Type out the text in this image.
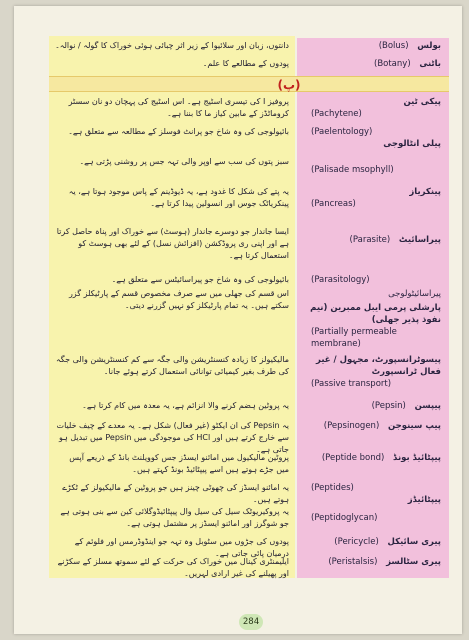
(پ)
بولس (Bolus)
دانتوں، زبان اور سلائیوا کے زیر اثر چبائی ہوئی خوراک کا گولہ / نوالہ۔
باٹنی (Botany)
پودوں کے مطالعے کا علم۔
پیکی ٹین
(Pachytene)
پروفیز I کی تیسری اسٹیج ہے۔ اس اسٹیج کی پہچان دو نان سسٹر کروماٹڈز کے مابین کیاز ما کا بننا ہے۔
(Paelentology)
پیلی انٹالوجی
بائیولوجی کی وہ شاخ جو پرانٹ فوسلز کے مطالعہ سے متعلق ہے۔
(Palisade msophyll)
سبز پتوں کی سب سے اوپر والی تہہ جس پر روشنی پڑتی ہے۔
پینکریاز
(Pancreas)
یہ پتے کی شکل کا غدود ہے، یہ ڈیوڈینم کے پاس موجود ہوتا ہے، یہ پینکریاٹک جوس اور انسولین پیدا کرتا ہے۔
پیراسائیٹ (Parasite)
ایسا جاندار جو دوسرے جاندار (ہوسٹ) سے خوراک اور پناہ حاصل کرتا ہے اور اپنی ری پروڈکشن (افزائش نسل) کے لئے بھی ہوسٹ کو استعمال کرتا ہے۔
(Parasitology)
بائیولوجی کی وہ شاخ جو پیراسائیٹس سے متعلق ہے۔
پیراسائیٹولوجی
پارشلی پرمی ایبل ممبرین (نیم نفوذ پذیر جھلی)
(Partially permeable membrane)
اس قسم کی جھلی میں سے صرف مخصوص قسم کے پارٹیکلز گزر سکتے ہیں۔ یہ تمام پارٹیکلز کو نہیں گزرنے دیتی۔
پیسوٹرانسپورٹ، مجہول / غیر فعال ٹرانسپورٹ
(Passive transport)
مالیکیولز کا زیادہ کنسنٹریشن والی جگہ سے کم کنسنٹریشن والی جگہ کی طرف بغیر کیمیائی توانائی استعمال کرتے ہوئے جانا۔
پیپسن (Pepsin)
یہ پروٹین ہضم کرنے والا انزائم ہے، یہ معدہ میں کام کرتا ہے۔
پیپ سینوجن (Pepsinogen)
یہ Pepsin کی ان ایکٹو (غیر فعال) شکل ہے۔ یہ معدے کے چیف خلیات سے خارج کرتے ہیں اور HCl کی موجودگی میں Pepsin میں تبدیل ہو جاتی ہے۔
پیپٹائیڈ بونڈ (Peptide bond)
پروٹین مالیکیول میں امائنو ایسڈز جس کوویلنٹ بانڈ کے ذریعے آپس میں جڑے ہوتے ہیں اسے پیپٹائیڈ بونڈ کہتے ہیں۔
(Peptides)
پیپٹائیڈز
یہ امائنو ایسڈز کی چھوٹی چینز ہیں جو پروٹین کے مالیکیولز کے ٹکڑے ہوتے ہیں۔
(Peptidoglycan)
یہ پروکیریوٹک سیل کی سیل وال پیپٹائیڈوگلائی کین سے بنی ہوتی ہے جو شوگرز اور امائنو ایسڈز پر مشتمل ہوتی ہے۔
پیری سائیکل (Pericycle)
پودوں کی جڑوں میں سٹوبل وہ تہہ جو اینڈوڈرمس اور فلوئم کے درمیان پائی جاتی ہے۔
پیری سٹالسز (Peristalsis)
ایلیمنٹری کینال میں خوراک کی حرکت کے لئے سموتھ مسلز کے سکڑنے اور پھیلنے کی غیر ارادی لہریں۔
284
